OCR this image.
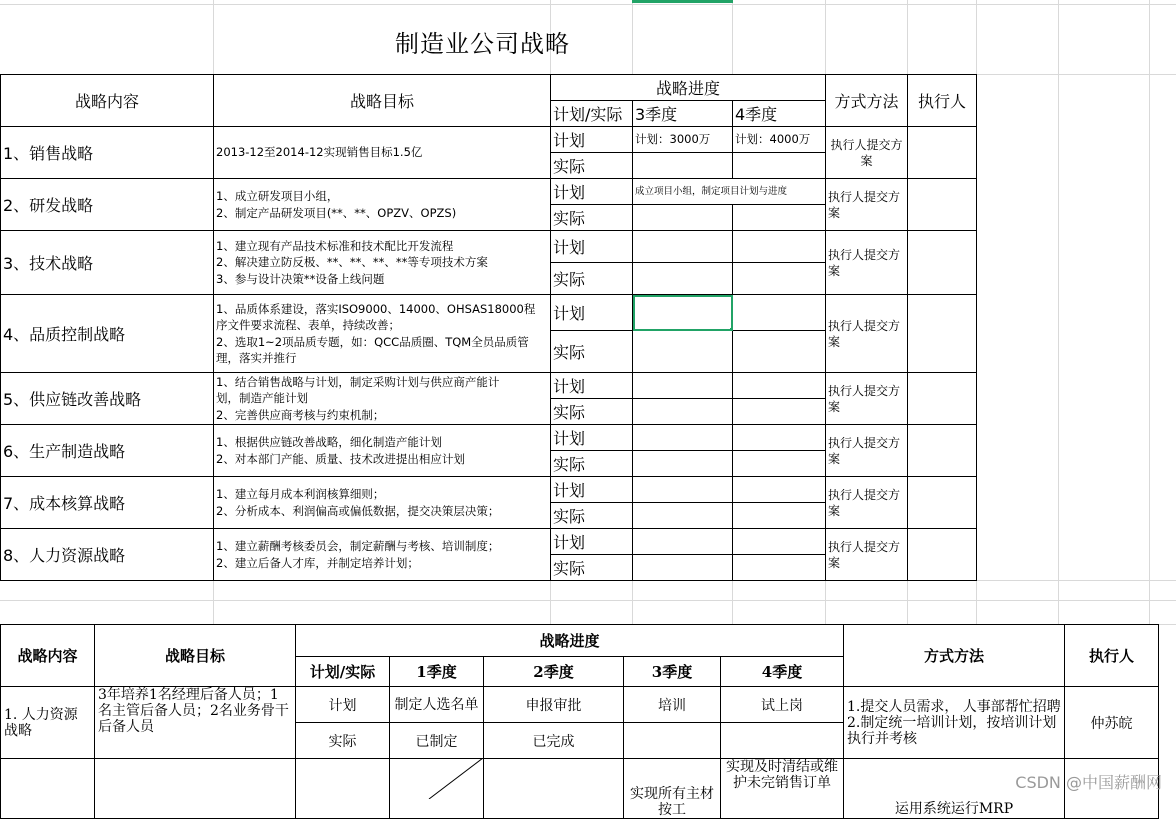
制造业公司战略
战略内容	战略目标	战略进度			方式方法	执行人
		计划/实际	3季度	4季度		
1、销售战略	2013-12至2014-12实现销售目标1.5亿	计划	计划：3000万	计划：4000万	执行人提交方案	
		实际				
2、研发战略	1、成立研发项目小组，
2、制定产品研发项目(**、**、OPZV、OPZS)	计划	成立项目小组，制定项目计划与进度		执行人提交方案	
		实际				
3、技术战略	1、建立现有产品技术标准和技术配比开发流程
2、解决建立防反极、**、**、**、**等专项技术方案
3、参与设计决策**设备上线问题	计划			执行人提交方案	
		实际				
4、品质控制战略	1、品质体系建设，落实ISO9000、14000、OHSAS18000程
序文件要求流程、表单，持续改善；
2、选取1~2项品质专题，如：QCC品质圈、TQM全员品质管
理，落实并推行	计划			执行人提交方案	
		实际				
5、供应链改善战略	1、结合销售战略与计划，制定采购计划与供应商产能计
划，制造产能计划
2、完善供应商考核与约束机制；	计划			执行人提交方案	
		实际				
6、生产制造战略	1、根据供应链改善战略，细化制造产能计划
2、对本部门产能、质量、技术改进提出相应计划	计划			执行人提交方案	
		实际				
7、成本核算战略	1、建立每月成本利润核算细则；
2、分析成本、利润偏高或偏低数据，提交决策层决策；	计划			执行人提交方案	
		实际				
8、人力资源战略	1、建立薪酬考核委员会，制定薪酬与考核、培训制度；
2、建立后备人才库，并制定培养计划；	计划			执行人提交方案	
		实际				
战略内容	战略目标	战略进度					方式方法	执行人
		计划/实际	1季度	2季度	3季度	4季度		
1. 人力资源战略	3年培养1名经理后备人员；1名主管后备人员；2名业务骨干后备人员	计划	制定人选名单	申报审批	培训	试上岗	1.提交人员需求， 人事部帮忙招聘 2.制定统一培训计划，按培训计划执行并考核	仲苏皖
		实际	已制定	已完成				
					实现所有主材按工	实现及时清结或维护未完销售订单	运用系统运行MRP	
CSDN @中国薪酬网
